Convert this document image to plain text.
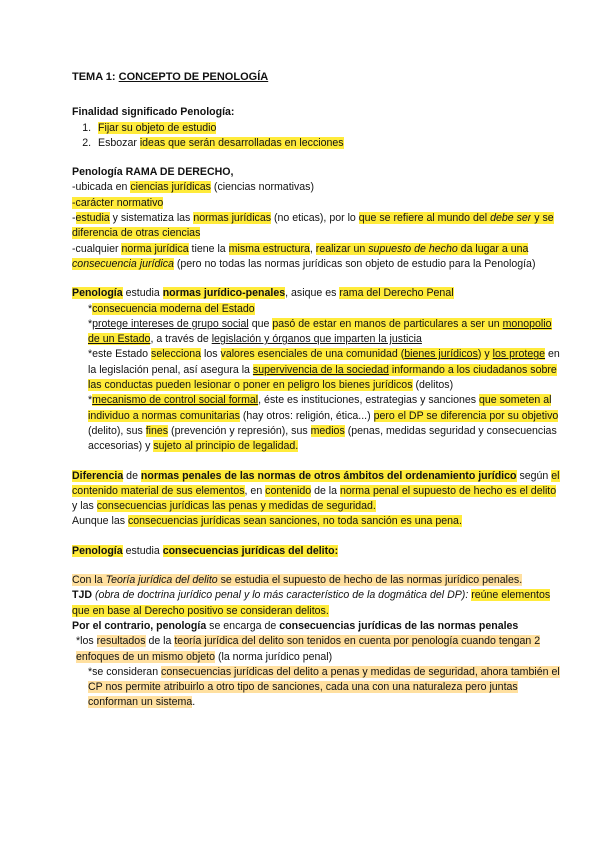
TEMA 1: CONCEPTO DE PENOLOGÍA

Finalidad significado Penología:

1. Fijar su objeto de estudio
2. Esbozar ideas que serán desarrolladas en lecciones

Penología RAMA DE DERECHO,

-ubicada en ciencias jurídicas (ciencias normativas)

-carácter normativo

-estudia y sistematiza las normas jurídicas (no eticas), por lo que se refiere al mundo del debe ser y se diferencia de otras ciencias

-cualquier norma jurídica tiene la misma estructura, realizar un supuesto de hecho da lugar a una consecuencia jurídica (pero no todas las normas jurídicas son objeto de estudio para la Penología)

Penología estudia normas jurídico-penales, asique es rama del Derecho Penal

*consecuencia moderna del Estado

*protege intereses de grupo social que pasó de estar en manos de particulares a ser un monopolio de un Estado, a través de legislación y órganos que imparten la justicia

*este Estado selecciona los valores esenciales de una comunidad (bienes jurídicos) y los protege en la legislación penal, así asegura la supervivencia de la sociedad informando a los ciudadanos sobre las conductas pueden lesionar o poner en peligro los bienes jurídicos (delitos)

*mecanismo de control social formal, éste es instituciones, estrategias y sanciones que someten al individuo a normas comunitarias (hay otros: religión, ética...) pero el DP se diferencia por su objetivo (delito), sus fines (prevención y represión), sus medios (penas, medidas seguridad y consecuencias accesorias) y sujeto al principio de legalidad.

Diferencia de normas penales de las normas de otros ámbitos del ordenamiento jurídico según el contenido material de sus elementos, en contenido de la norma penal el supuesto de hecho es el delito y las consecuencias jurídicas las penas y medidas de seguridad.

Aunque las consecuencias jurídicas sean sanciones, no toda sanción es una pena.

Penología estudia consecuencias jurídicas del delito:

Con la Teoría jurídica del delito se estudia el supuesto de hecho de las normas jurídico penales.

TJD (obra de doctrina jurídico penal y lo más característico de la dogmática del DP): reúne elementos que en base al Derecho positivo se consideran delitos.

Por el contrario, penología se encarga de consecuencias jurídicas de las normas penales

*los resultados de la teoría jurídica del delito son tenidos en cuenta por penología cuando tengan 2 enfoques de un mismo objeto (la norma jurídico penal)

*se consideran consecuencias jurídicas del delito a penas y medidas de seguridad, ahora también el CP nos permite atribuirlo a otro tipo de sanciones, cada una con una naturaleza pero juntas conforman un sistema.
